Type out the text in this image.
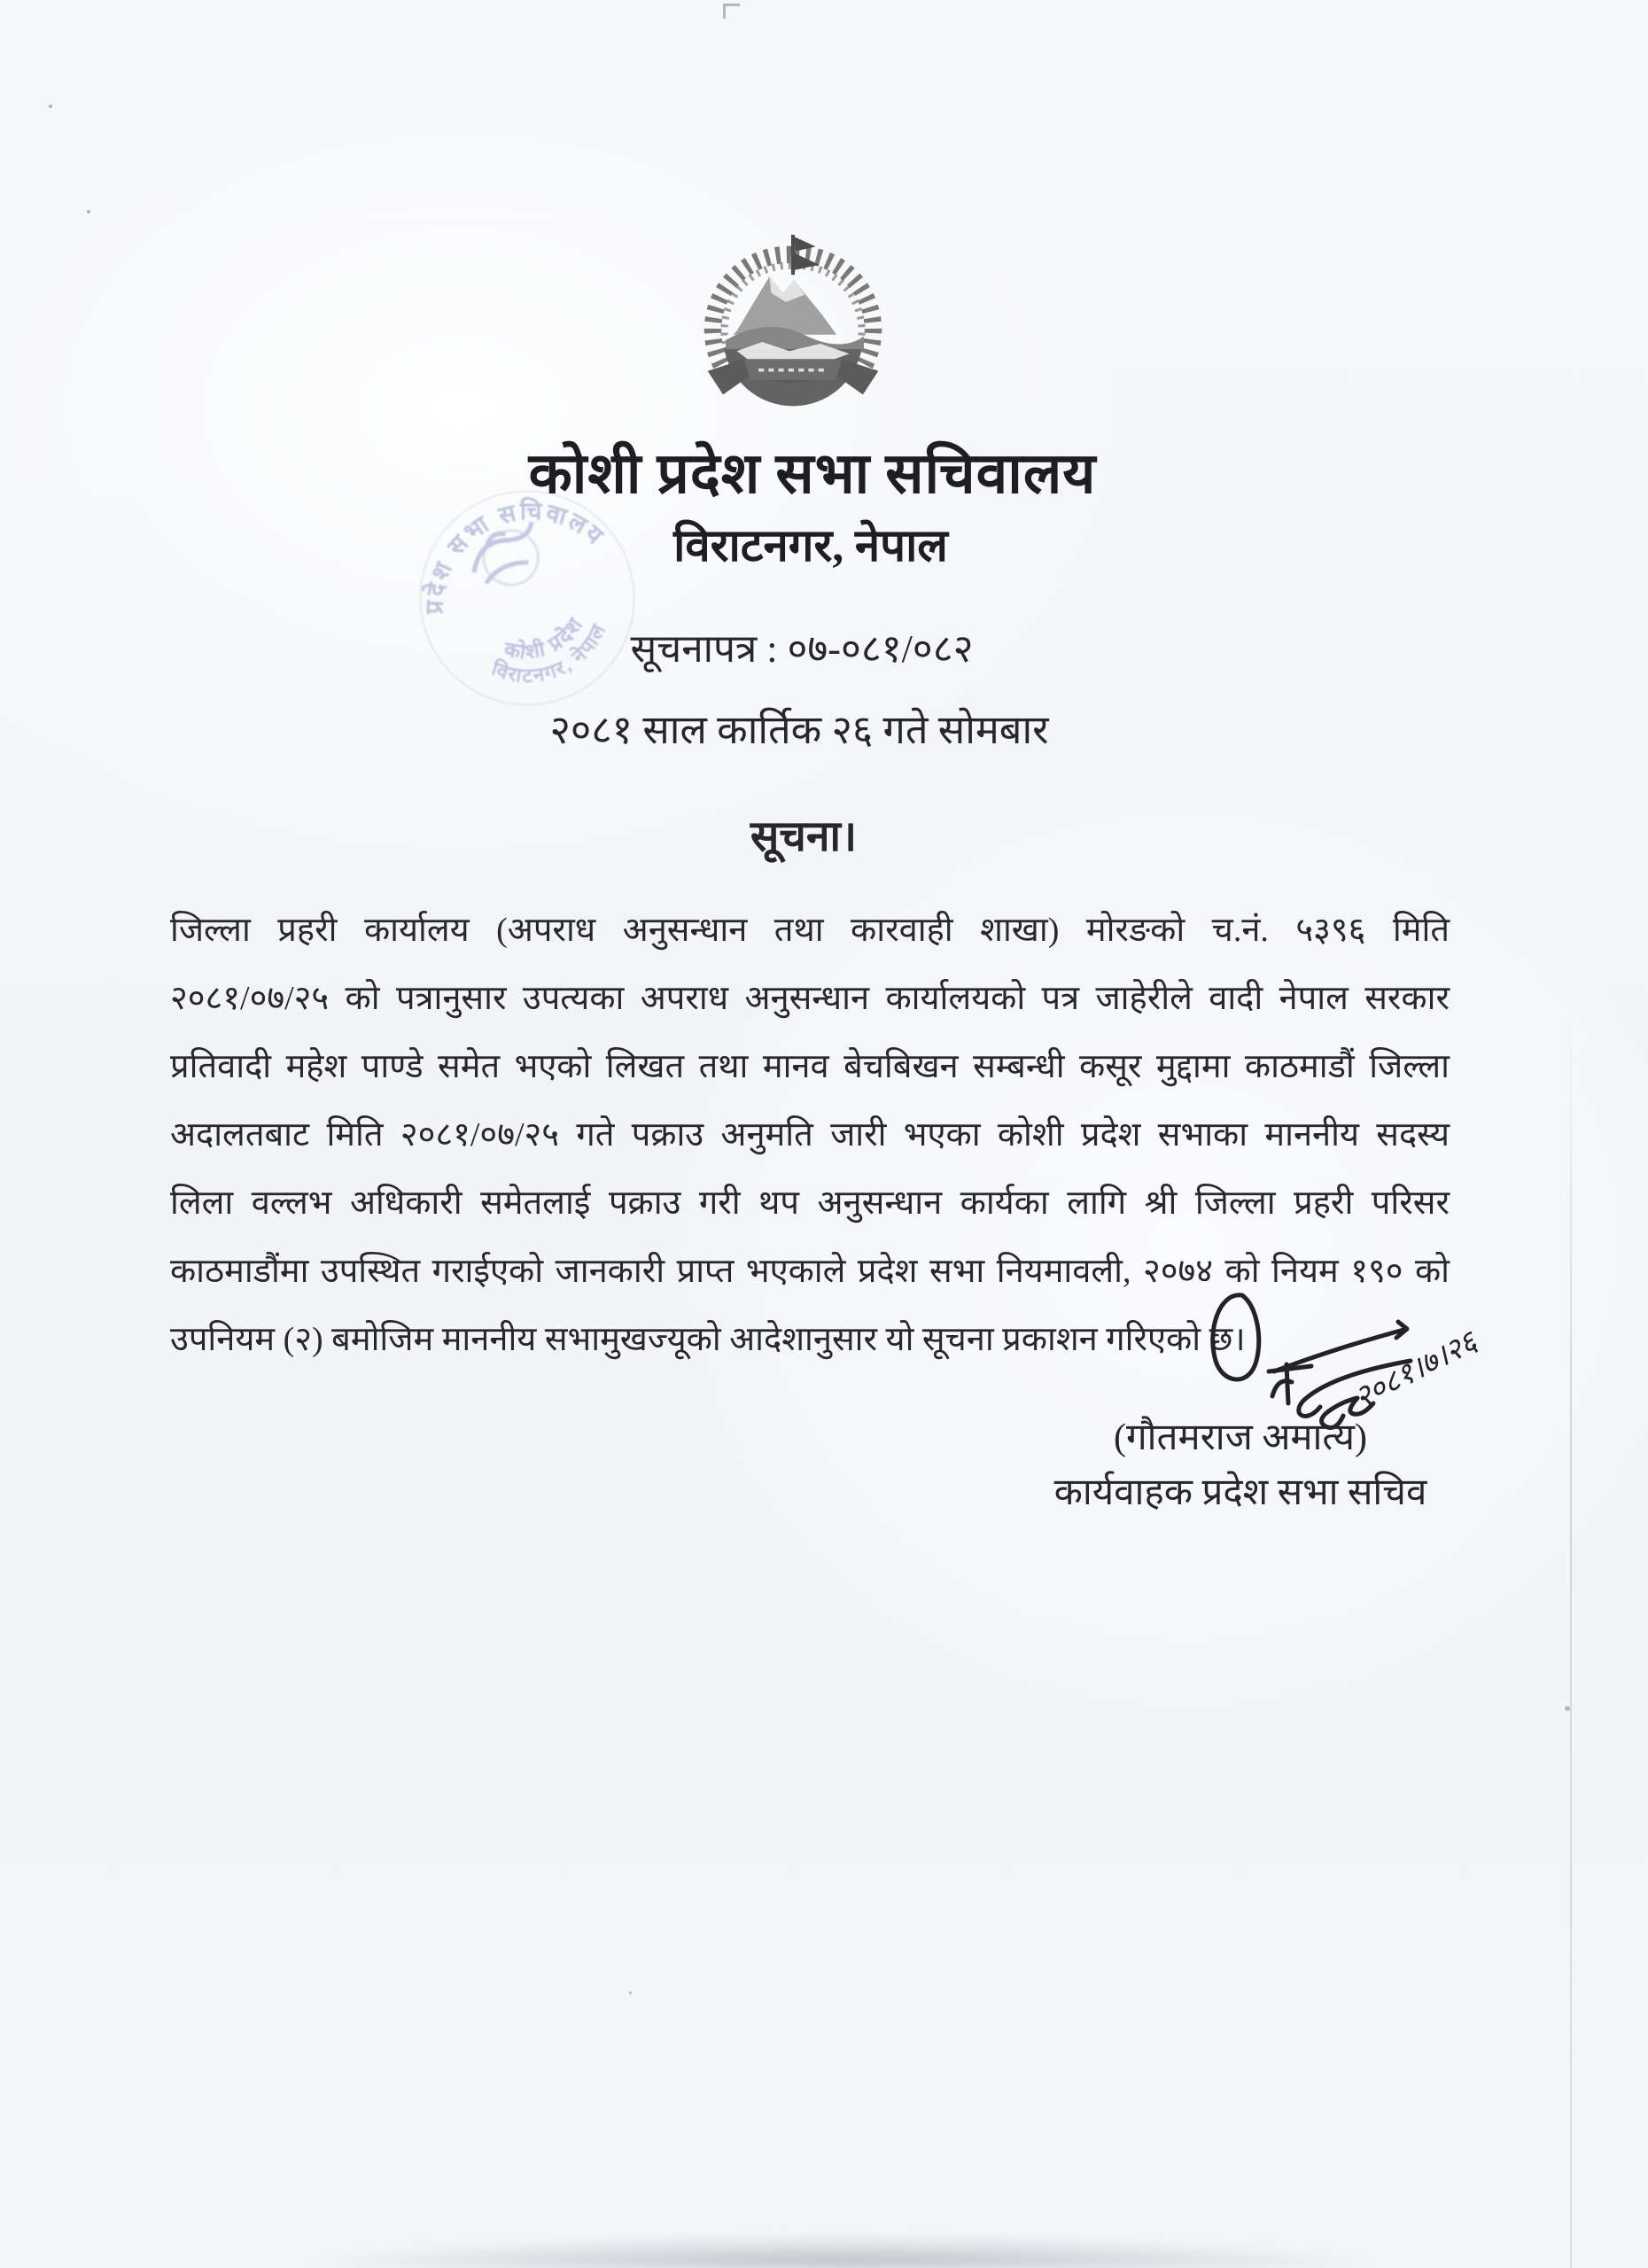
प्रदेश सभा सचिवालय
कोशी प्रदेश
विराटनगर, नेपाल
कोशी प्रदेश सभा सचिवालय
विराटनगर, नेपाल
सूचनापत्र : ०७-०८१/०८२
२०८१ साल कार्तिक २६ गते सोमबार
सूचना।
जिल्ला प्रहरी कार्यालय (अपराध अनुसन्धान तथा कारवाही शाखा) मोरङको च.नं. ५३९६ मिति
२०८१/०७/२५ को पत्रानुसार उपत्यका अपराध अनुसन्धान कार्यालयको पत्र जाहेरीले वादी नेपाल सरकार
प्रतिवादी महेश पाण्डे समेत भएको लिखत तथा मानव बेचबिखन सम्बन्धी कसूर मुद्दामा काठमाडौं जिल्ला
अदालतबाट मिति २०८१/०७/२५ गते पक्राउ अनुमति जारी भएका कोशी प्रदेश सभाका माननीय सदस्य
लिला वल्लभ अधिकारी समेतलाई पक्राउ गरी थप अनुसन्धान कार्यका लागि श्री जिल्ला प्रहरी परिसर
काठमाडौंमा उपस्थित गराईएको जानकारी प्राप्त भएकाले प्रदेश सभा नियमावली, २०७४ को नियम १९० को
उपनियम (२) बमोजिम माननीय सभामुखज्यूको आदेशानुसार यो सूचना प्रकाशन गरिएको छ।	२०८१।७।२६
(गौतमराज अमात्य)
कार्यवाहक प्रदेश सभा सचिव
